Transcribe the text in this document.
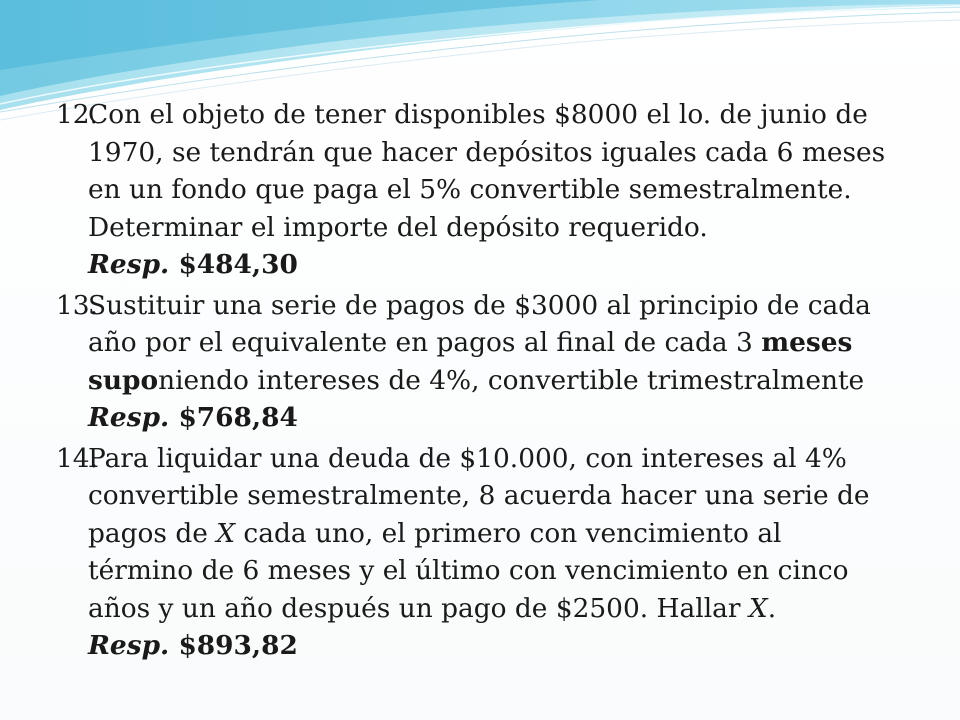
12.
Con el objeto de tener disponibles $8000 el lo. de junio de
1970, se tendrán que hacer depósitos iguales cada 6 meses
en un fondo que paga el 5% convertible semestralmente.
Determinar el importe del depósito requerido.
Resp. $484,30
13.
Sustituir una serie de pagos de $3000 al principio de cada
año por el equivalente en pagos al final de cada 3 meses
suponiendo intereses de 4%, convertible trimestralmente
Resp. $768,84
14.
Para liquidar una deuda de $10.000, con intereses al 4%
convertible semestralmente, 8 acuerda hacer una serie de
pagos de X cada uno, el primero con vencimiento al
término de 6 meses y el último con vencimiento en cinco
años y un año después un pago de $2500. Hallar X.
Resp. $893,82
